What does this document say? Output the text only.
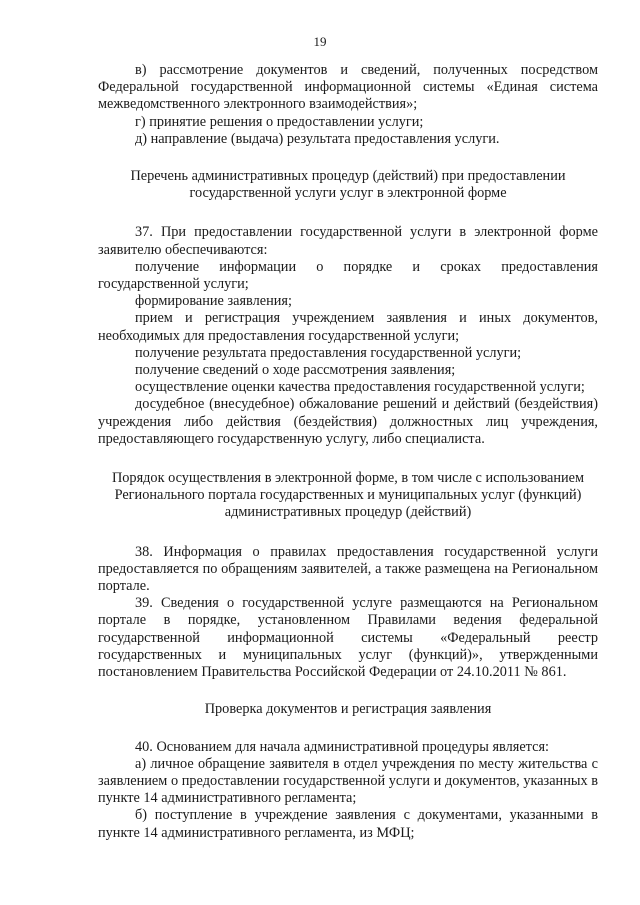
19

в) рассмотрение документов и сведений, полученных посредством Федеральной государственной информационной системы «Единая система межведомственного электронного взаимодействия»;

г) принятие решения о предоставлении услуги;

д) направление (выдача) результата предоставления услуги.

Перечень административных процедур (действий) при предоставлении государственной услуги услуг в электронной форме

37. При предоставлении государственной услуги в электронной форме заявителю обеспечиваются:

получение информации о порядке и сроках предоставления государственной услуги;

формирование заявления;

прием и регистрация учреждением заявления и иных документов, необходимых для предоставления государственной услуги;

получение результата предоставления государственной услуги;

получение сведений о ходе рассмотрения заявления;

осуществление оценки качества предоставления государственной услуги;

досудебное (внесудебное) обжалование решений и действий (бездействия) учреждения либо действия (бездействия) должностных лиц учреждения, предоставляющего государственную услугу, либо специалиста.

Порядок осуществления в электронной форме, в том числе с использованием Регионального портала государственных и муниципальных услуг (функций) административных процедур (действий)

38. Информация о правилах предоставления государственной услуги предоставляется по обращениям заявителей, а также размещена на Региональном портале.

39. Сведения о государственной услуге размещаются на Региональном портале в порядке, установленном Правилами ведения федеральной государственной информационной системы «Федеральный реестр государственных и муниципальных услуг (функций)», утвержденными постановлением Правительства Российской Федерации от 24.10.2011 № 861.

Проверка документов и регистрация заявления

40. Основанием для начала административной процедуры является:

а) личное обращение заявителя в отдел учреждения по месту жительства с заявлением о предоставлении государственной услуги и документов, указанных в пункте 14 административного регламента;

б) поступление в учреждение заявления с документами, указанными в пункте 14 административного регламента, из МФЦ;
